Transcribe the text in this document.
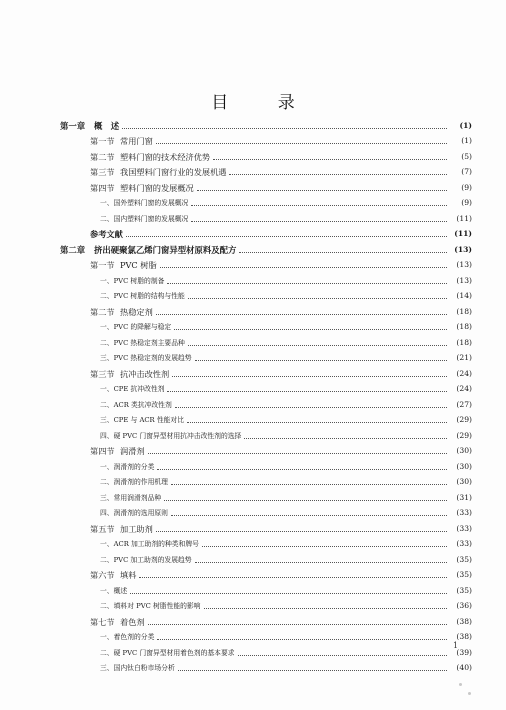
目 录
第一章	概　述	(1)
第一节 常用门窗	(1)
第二节 塑料门窗的技术经济优势	(5)
第三节 我国塑料门窗行业的发展机遇	(7)
第四节 塑料门窗的发展概况	(9)
一、国外塑料门窗的发展概况	(9)
二、国内塑料门窗的发展概况	(11)
参考文献	(11)
第二章	挤出硬聚氯乙烯门窗异型材原料及配方	(13)
第一节 PVC 树脂	(13)
一、PVC 树脂的制备	(13)
二、PVC 树脂的结构与性能	(14)
第二节 热稳定剂	(18)
一、PVC 的降解与稳定	(18)
二、PVC 热稳定剂主要品种	(18)
三、PVC 热稳定剂的发展趋势	(21)
第三节 抗冲击改性剂	(24)
一、CPE 抗冲改性剂	(24)
二、ACR 类抗冲改性剂	(27)
三、CPE 与 ACR 性能对比	(29)
四、硬 PVC 门窗异型材用抗冲击改性剂的选择	(29)
第四节 润滑剂	(30)
一、润滑剂的分类	(30)
二、润滑剂的作用机理	(30)
三、常用润滑剂品种	(31)
四、润滑剂的选用原则	(33)
第五节 加工助剂	(33)
一、ACR 加工助剂的种类和牌号	(33)
二、PVC 加工助剂的发展趋势	(35)
第六节 填料	(35)
一、概述	(35)
二、填料对 PVC 树脂性能的影响	(36)
第七节 着色剂	(38)
一、着色剂的分类	(38)
二、硬 PVC 门窗异型材用着色剂的基本要求	(39)
三、国内钛白粉市场分析	(40)
1
